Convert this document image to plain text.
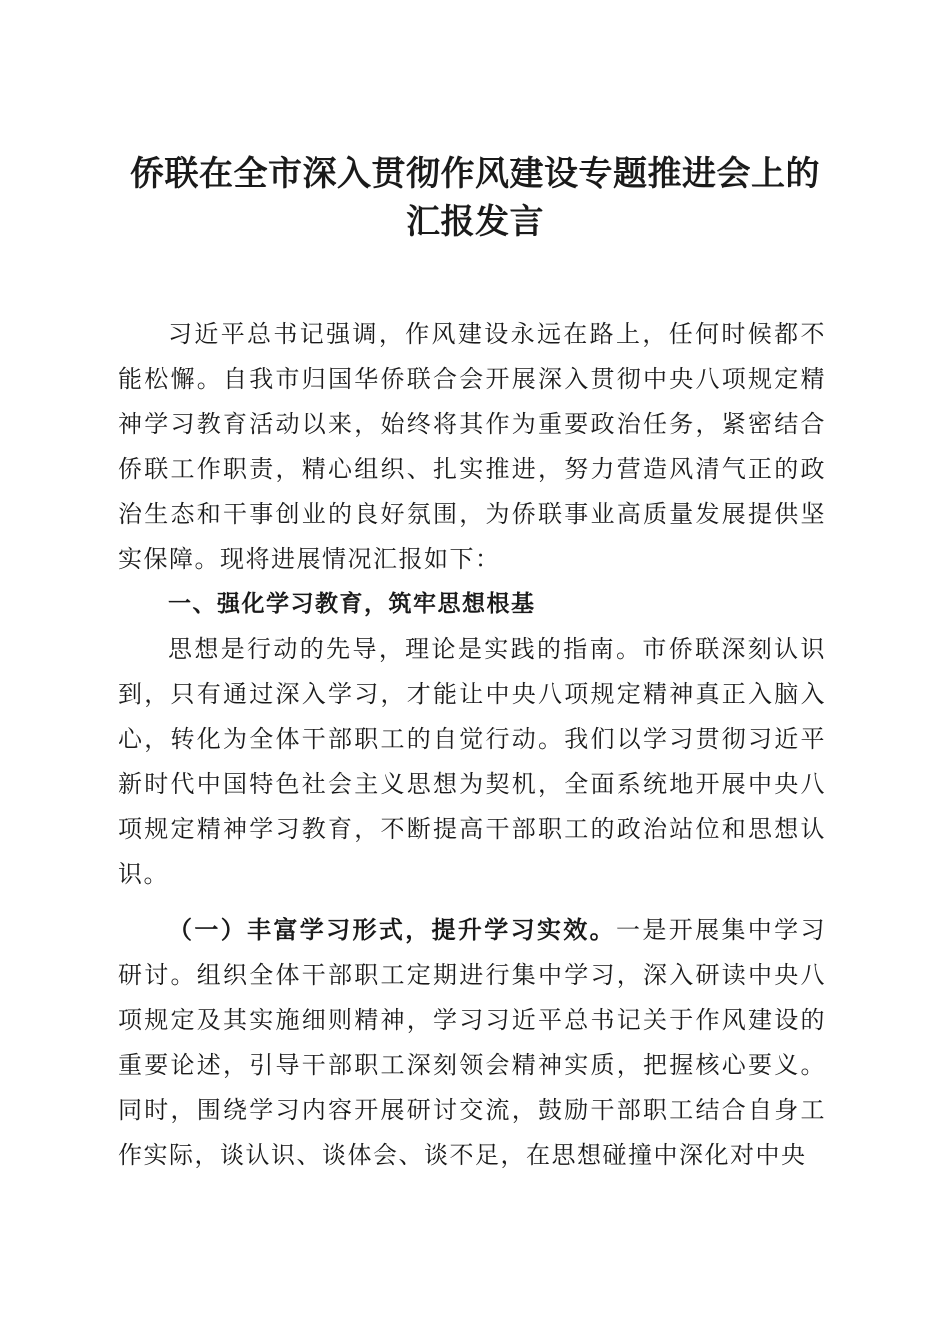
侨联在全市深入贯彻作风建设专题推进会上的
汇报发言

习近平总书记强调，作风建设永远在路上，任何时候都不能松懈。自我市归国华侨联合会开展深入贯彻中央八项规定精神学习教育活动以来，始终将其作为重要政治任务，紧密结合侨联工作职责，精心组织、扎实推进，努力营造风清气正的政治生态和干事创业的良好氛围，为侨联事业高质量发展提供坚实保障。现将进展情况汇报如下：

一、强化学习教育，筑牢思想根基

思想是行动的先导，理论是实践的指南。市侨联深刻认识到，只有通过深入学习，才能让中央八项规定精神真正入脑入心，转化为全体干部职工的自觉行动。我们以学习贯彻习近平新时代中国特色社会主义思想为契机，全面系统地开展中央八项规定精神学习教育，不断提高干部职工的政治站位和思想认识。

（一）丰富学习形式，提升学习实效。一是开展集中学习研讨。组织全体干部职工定期进行集中学习，深入研读中央八项规定及其实施细则精神，学习习近平总书记关于作风建设的重要论述，引导干部职工深刻领会精神实质，把握核心要义。同时，围绕学习内容开展研讨交流，鼓励干部职工结合自身工作实际，谈认识、谈体会、谈不足，在思想碰撞中深化对中央
